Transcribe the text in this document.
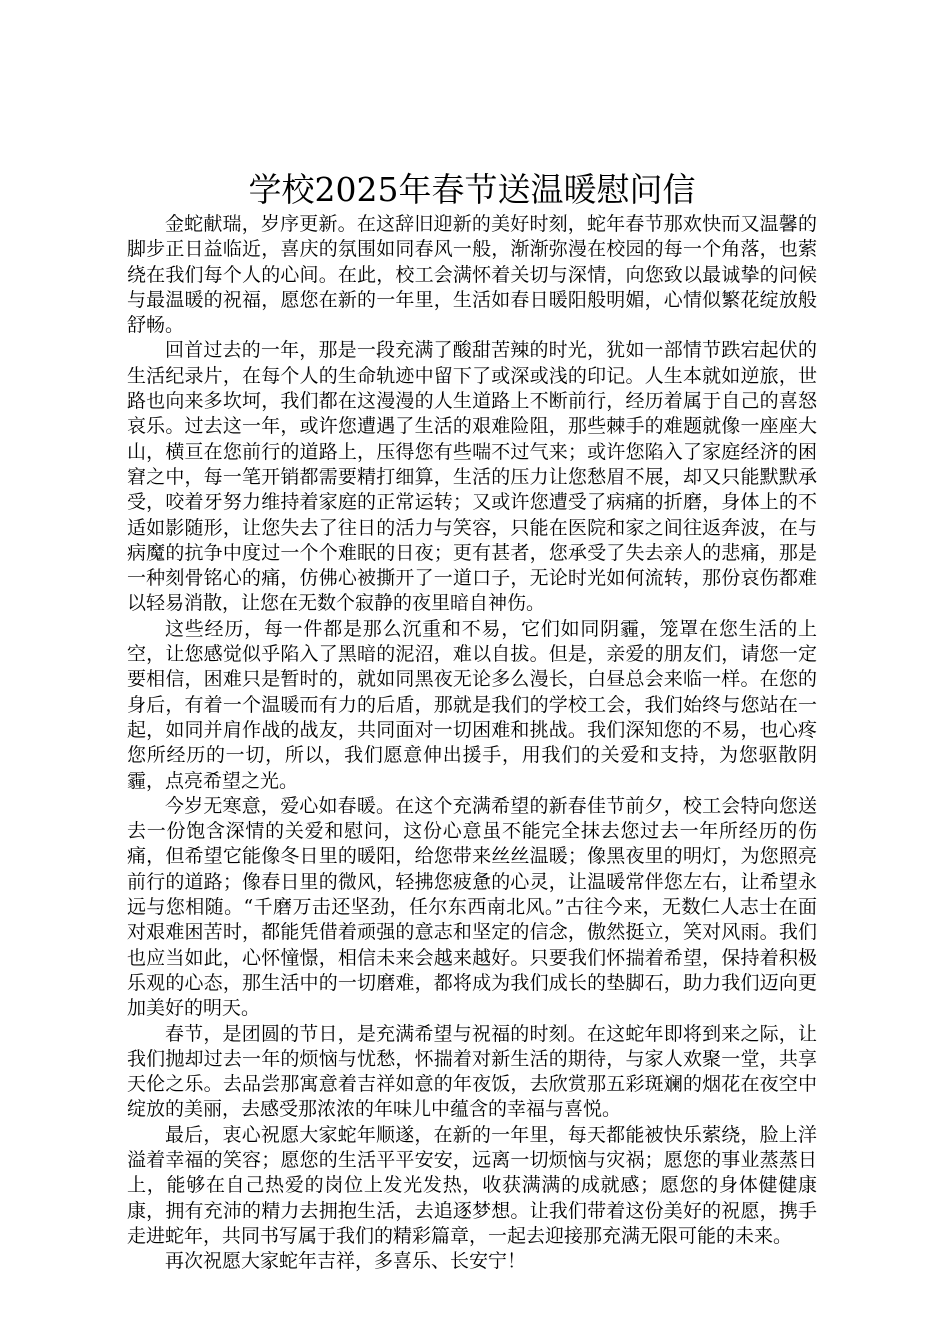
学校2025年春节送温暖慰问信

金蛇献瑞，岁序更新。在这辞旧迎新的美好时刻，蛇年春节那欢快而又温馨的脚步正日益临近，喜庆的氛围如同春风一般，渐渐弥漫在校园的每一个角落，也萦绕在我们每个人的心间。在此，校工会满怀着关切与深情，向您致以最诚挚的问候与最温暖的祝福，愿您在新的一年里，生活如春日暖阳般明媚，心情似繁花绽放般舒畅。

回首过去的一年，那是一段充满了酸甜苦辣的时光，犹如一部情节跌宕起伏的生活纪录片，在每个人的生命轨迹中留下了或深或浅的印记。人生本就如逆旅，世路也向来多坎坷，我们都在这漫漫的人生道路上不断前行，经历着属于自己的喜怒哀乐。过去这一年，或许您遭遇了生活的艰难险阻，那些棘手的难题就像一座座大山，横亘在您前行的道路上，压得您有些喘不过气来；或许您陷入了家庭经济的困窘之中，每一笔开销都需要精打细算，生活的压力让您愁眉不展，却又只能默默承受，咬着牙努力维持着家庭的正常运转；又或许您遭受了病痛的折磨，身体上的不适如影随形，让您失去了往日的活力与笑容，只能在医院和家之间往返奔波，在与病魔的抗争中度过一个个难眠的日夜；更有甚者，您承受了失去亲人的悲痛，那是一种刻骨铭心的痛，仿佛心被撕开了一道口子，无论时光如何流转，那份哀伤都难以轻易消散，让您在无数个寂静的夜里暗自神伤。

这些经历，每一件都是那么沉重和不易，它们如同阴霾，笼罩在您生活的上空，让您感觉似乎陷入了黑暗的泥沼，难以自拔。但是，亲爱的朋友们，请您一定要相信，困难只是暂时的，就如同黑夜无论多么漫长，白昼总会来临一样。在您的身后，有着一个温暖而有力的后盾，那就是我们的学校工会，我们始终与您站在一起，如同并肩作战的战友，共同面对一切困难和挑战。我们深知您的不易，也心疼您所经历的一切，所以，我们愿意伸出援手，用我们的关爱和支持，为您驱散阴霾，点亮希望之光。

今岁无寒意，爱心如春暖。在这个充满希望的新春佳节前夕，校工会特向您送去一份饱含深情的关爱和慰问，这份心意虽不能完全抹去您过去一年所经历的伤痛，但希望它能像冬日里的暖阳，给您带来丝丝温暖；像黑夜里的明灯，为您照亮前行的道路；像春日里的微风，轻拂您疲惫的心灵，让温暖常伴您左右，让希望永远与您相随。“千磨万击还坚劲，任尔东西南北风。”古往今来，无数仁人志士在面对艰难困苦时，都能凭借着顽强的意志和坚定的信念，傲然挺立，笑对风雨。我们也应当如此，心怀憧憬，相信未来会越来越好。只要我们怀揣着希望，保持着积极乐观的心态，那生活中的一切磨难，都将成为我们成长的垫脚石，助力我们迈向更加美好的明天。

春节，是团圆的节日，是充满希望与祝福的时刻。在这蛇年即将到来之际，让我们抛却过去一年的烦恼与忧愁，怀揣着对新生活的期待，与家人欢聚一堂，共享天伦之乐。去品尝那寓意着吉祥如意的年夜饭，去欣赏那五彩斑斓的烟花在夜空中绽放的美丽，去感受那浓浓的年味儿中蕴含的幸福与喜悦。

最后，衷心祝愿大家蛇年顺遂，在新的一年里，每天都能被快乐萦绕，脸上洋溢着幸福的笑容；愿您的生活平平安安，远离一切烦恼与灾祸；愿您的事业蒸蒸日上，能够在自己热爱的岗位上发光发热，收获满满的成就感；愿您的身体健健康康，拥有充沛的精力去拥抱生活，去追逐梦想。让我们带着这份美好的祝愿，携手走进蛇年，共同书写属于我们的精彩篇章，一起去迎接那充满无限可能的未来。

再次祝愿大家蛇年吉祥，多喜乐、长安宁！
